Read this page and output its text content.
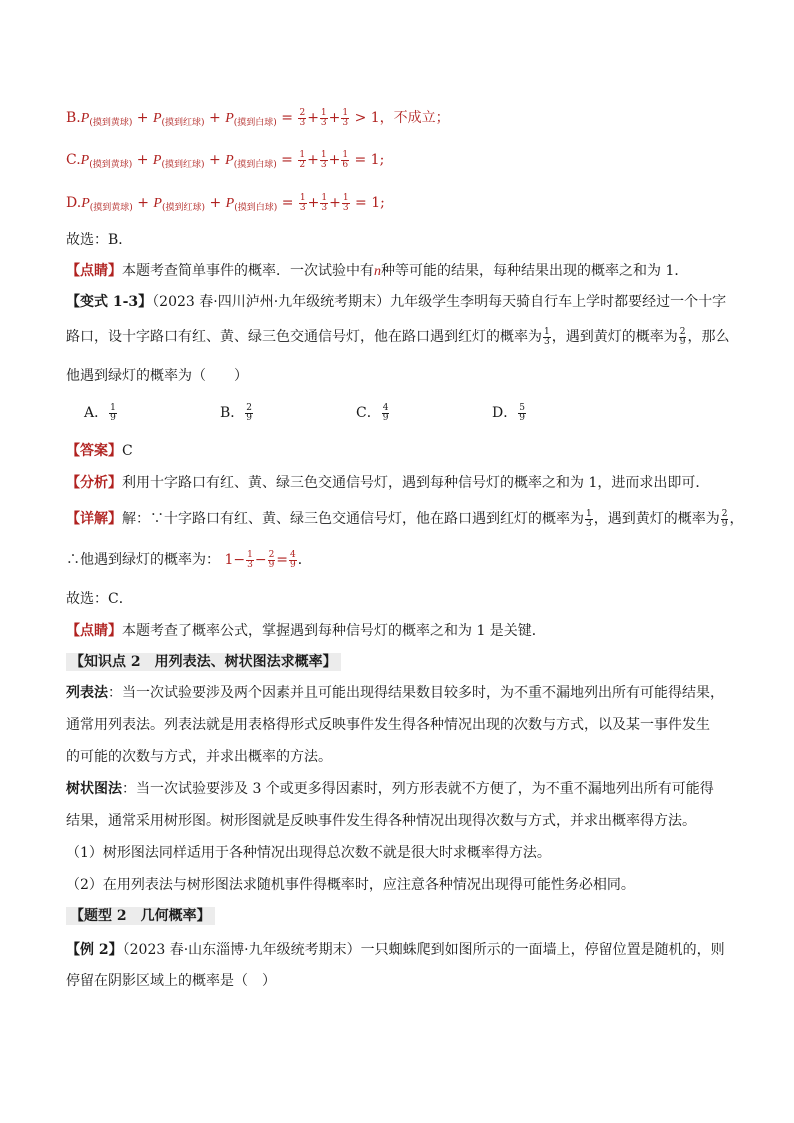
$B.P_{(摸到黄球)} + P_{(摸到红球)} + P_{(摸到白球)} = \frac{2}{3} + \frac{1}{3} + \frac{1}{3} > 1$，不成立；
$C.P_{(摸到黄球)} + P_{(摸到红球)} + P_{(摸到白球)} = \frac{1}{2} + \frac{1}{3} + \frac{1}{6} = 1$;
$D.P_{(摸到黄球)} + P_{(摸到红球)} + P_{(摸到白球)} = \frac{1}{3} + \frac{1}{3} + \frac{1}{3} = 1$;
故选：B．
【点睛】本题考查简单事件的概率．一次试验中有n种等可能的结果，每种结果出现的概率之和为 1．
【变式 1-3】（2023 春·四川泸州·九年级统考期末）九年级学生李明每天骑自行车上学时都要经过一个十字
路口，设十字路口有红、黄、绿三色交通信号灯，他在路口遇到红灯的概率为 $\frac{1}{3}$ ，遇到黄灯的概率为 $\frac{2}{9}$ ，那么
他遇到绿灯的概率为（　　）
A． $\frac{1}{9}$	B． $\frac{2}{9}$	C． $\frac{4}{9}$	D． $\frac{5}{9}$
【答案】C
【分析】利用十字路口有红、黄、绿三色交通信号灯，遇到每种信号灯的概率之和为 1，进而求出即可．
【详解】解：∵十字路口有红、黄、绿三色交通信号灯，他在路口遇到红灯的概率为 $\frac{1}{3}$ ，遇到黄灯的概率为 $\frac{2}{9}$ ，
∴他遇到绿灯的概率为： $1- \frac{1}{3} - \frac{2}{9} = \frac{4}{9}$ ．
故选：C．
【点睛】本题考查了概率公式，掌握遇到每种信号灯的概率之和为 1 是关键．
【知识点 2　用列表法、树状图法求概率】
列表法：当一次试验要涉及两个因素并且可能出现得结果数目较多时，为不重不漏地列出所有可能得结果，
通常用列表法。列表法就是用表格得形式反映事件发生得各种情况出现的次数与方式，以及某一事件发生
的可能的次数与方式，并求出概率的方法。
树状图法：当一次试验要涉及 3 个或更多得因素时，列方形表就不方便了，为不重不漏地列出所有可能得
结果，通常采用树形图。树形图就是反映事件发生得各种情况出现得次数与方式，并求出概率得方法。
（1）树形图法同样适用于各种情况出现得总次数不就是很大时求概率得方法。
（2）在用列表法与树形图法求随机事件得概率时，应注意各种情况出现得可能性务必相同。
【题型 2　几何概率】
【例 2】（2023 春·山东淄博·九年级统考期末）一只蜘蛛爬到如图所示的一面墙上，停留位置是随机的，则
停留在阴影区域上的概率是（　）
